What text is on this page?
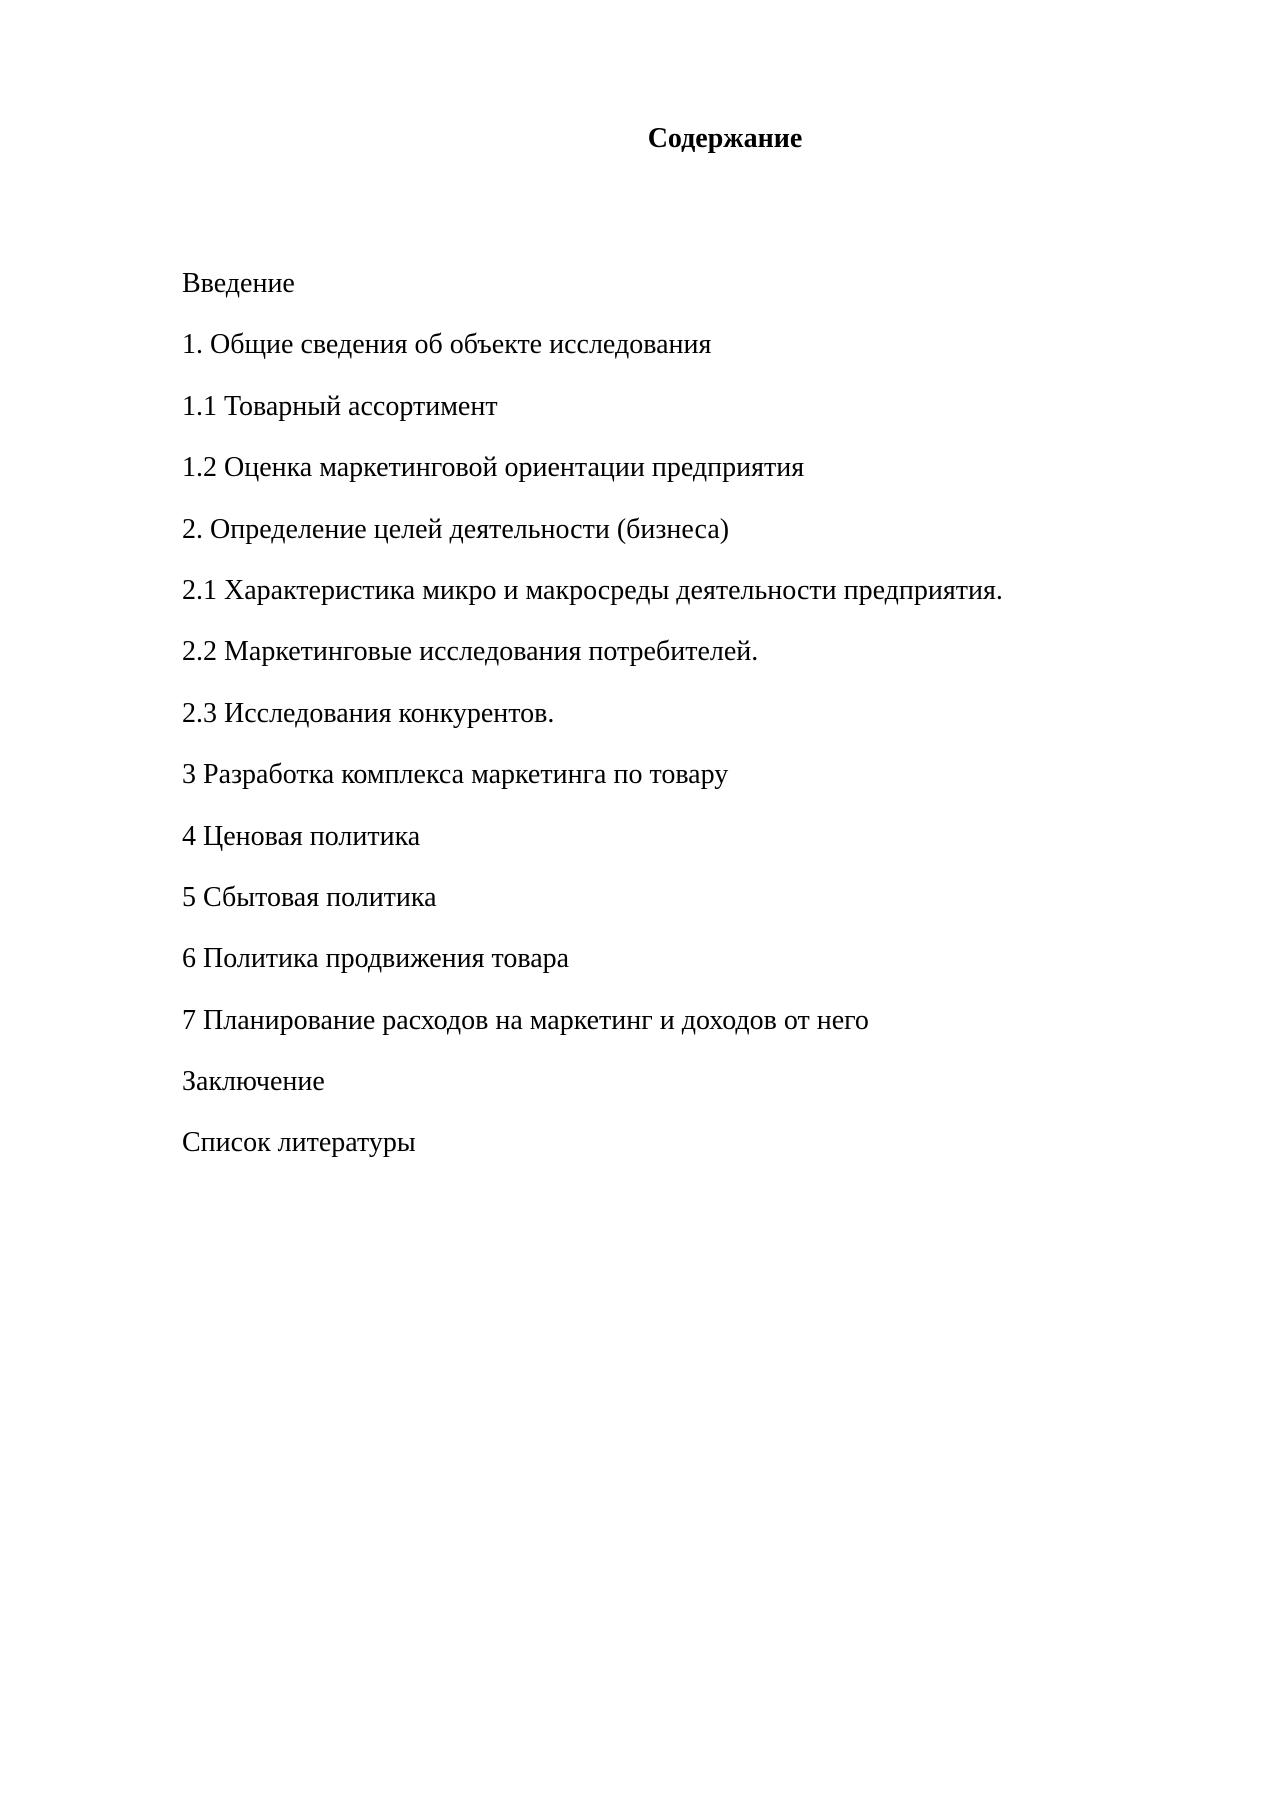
Содержание
Введение
1. Общие сведения об объекте исследования
1.1 Товарный ассортимент
1.2 Оценка маркетинговой ориентации предприятия
2. Определение целей деятельности (бизнеса)
2.1 Характеристика микро и макросреды деятельности предприятия.
2.2 Маркетинговые исследования потребителей.
2.3 Исследования конкурентов.
3 Разработка комплекса маркетинга по товару
4 Ценовая политика
5 Сбытовая политика
6 Политика продвижения товара
7 Планирование расходов на маркетинг и доходов от него
Заключение
Список литературы
